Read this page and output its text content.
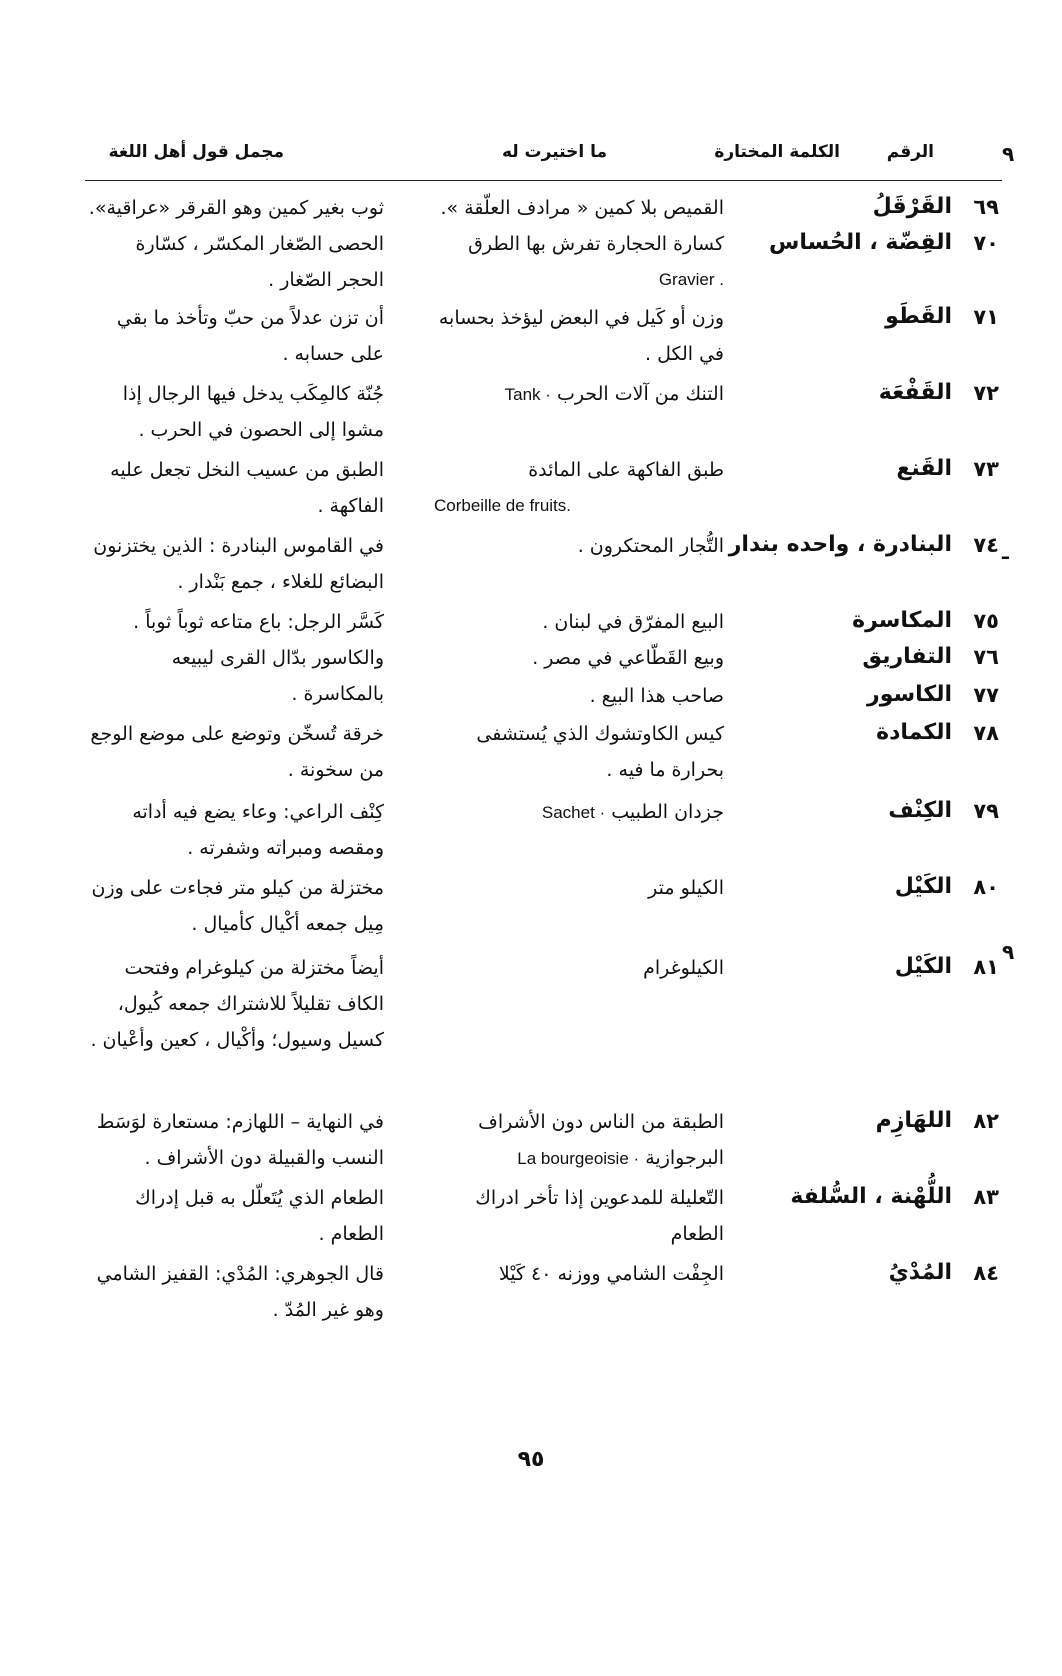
٩
ـ
٩
الرقم
الكلمة المختارة
ما اختيرت له
مجمل قول أهل اللغة
٦٩
القَرْقَلُ
القميص بلا كمين « مرادف العلّقة ».
ثوب بغير كمين وهو القرقر «عراقية».
٧٠
القِضّة ، الحُساس
كسارة الحجارة تفرش بها الطرق
. Gravier
الحصى الصّغار المكسّر ، كسّارة الحجر الصّغار .
٧١
القَطَو
وزن أو كَيل في البعض ليؤخذ بحسابه في الكل .
أن تزن عدلاً من حبّ وتأخذ ما بقي على حسابه .
٧٢
القَفْعَة
التنك من آلات الحرب Tank ·
جُنّة كالمِكَب يدخل فيها الرجال إذا مشوا إلى الحصون في الحرب .
٧٣
القَنع
طبق الفاكهة على المائدة
Corbeille de fruits.
الطبق من عسيب النخل تجعل عليه الفاكهة .
٧٤
البنادرة ، واحده بندار
التُّجار المحتكرون .
في القاموس البنادرة : الذين يختزنون البضائع للغلاء ، جمع بَنْدار .
٧٥
المكاسرة
البيع المفرّق في لبنان .
كَسَّر الرجل: باع متاعه ثوباً ثوباً .
٧٦
التفاريق
وبيع القَطّاعي في مصر .
والكاسور بدّال القرى ليبيعه بالمكاسرة .	٧٧
الكاسور
صاحب هذا البيع .
٧٨
الكمادة
كيس الكاوتشوك الذي يُستشفى بحرارة ما فيه .
خرقة تُسخّن وتوضع على موضع الوجع من سخونة .
٧٩
الكِنْف
جزدان الطبيب Sachet ·
كِنْف الراعي: وعاء يضع فيه أداته ومقصه ومبراته وشفرته .
٨٠
الكَيْل
الكيلو متر
مختزلة من كيلو متر فجاءت على وزن مِيل جمعه أكْيال كأميال .
٨١
الكَيْل
الكيلوغرام
أيضاً مختزلة من كيلوغرام وفتحت الكاف تقليلاً للاشتراك جمعه كُيول، كسيل وسيول؛ وأكْيال ، كعين وأعْيان .
٨٢
اللهَازِم
الطبقة من الناس دون الأشراف البرجوازية La bourgeoisie ·
في النهاية – اللهازم: مستعارة لوَسَط النسب والقبيلة دون الأشراف .
٨٣
اللُّهْنة ، السُّلفة
التّعليلة للمدعوين إذا تأخر ادراك الطعام
الطعام الذي يُتَعلّل به قبل إدراك الطعام .
٨٤
المُدْيُ
الجِفْت الشامي ووزنه ٤٠ كَيْلا
قال الجوهري: المُدْي: القفيز الشامي وهو غير المُدّ .
٩٥
